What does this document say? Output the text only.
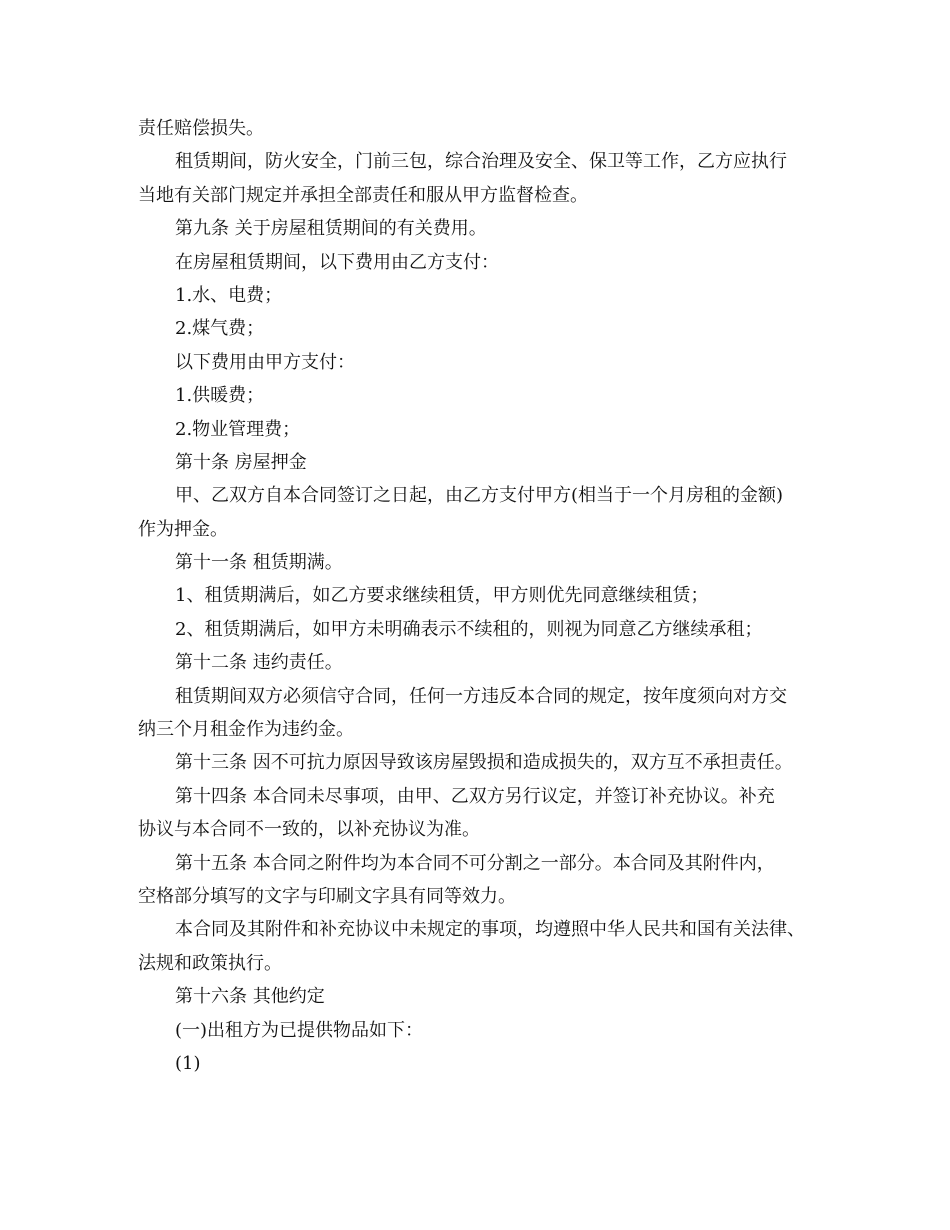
责任赔偿损失。
租赁期间，防火安全，门前三包，综合治理及安全、保卫等工作，乙方应执行
当地有关部门规定并承担全部责任和服从甲方监督检查。
第九条 关于房屋租赁期间的有关费用。
在房屋租赁期间，以下费用由乙方支付：
1.水、电费；
2.煤气费；
以下费用由甲方支付：
1.供暖费；
2.物业管理费；
第十条 房屋押金
甲、乙双方自本合同签订之日起，由乙方支付甲方(相当于一个月房租的金额)
作为押金。
第十一条 租赁期满。
1、租赁期满后，如乙方要求继续租赁，甲方则优先同意继续租赁；
2、租赁期满后，如甲方未明确表示不续租的，则视为同意乙方继续承租；
第十二条 违约责任。
租赁期间双方必须信守合同，任何一方违反本合同的规定，按年度须向对方交
纳三个月租金作为违约金。
第十三条 因不可抗力原因导致该房屋毁损和造成损失的，双方互不承担责任。
第十四条 本合同未尽事项，由甲、乙双方另行议定，并签订补充协议。补充
协议与本合同不一致的，以补充协议为准。
第十五条 本合同之附件均为本合同不可分割之一部分。本合同及其附件内，
空格部分填写的文字与印刷文字具有同等效力。
本合同及其附件和补充协议中未规定的事项，均遵照中华人民共和国有关法律、
法规和政策执行。
第十六条 其他约定
(一)出租方为已提供物品如下：
(1)
